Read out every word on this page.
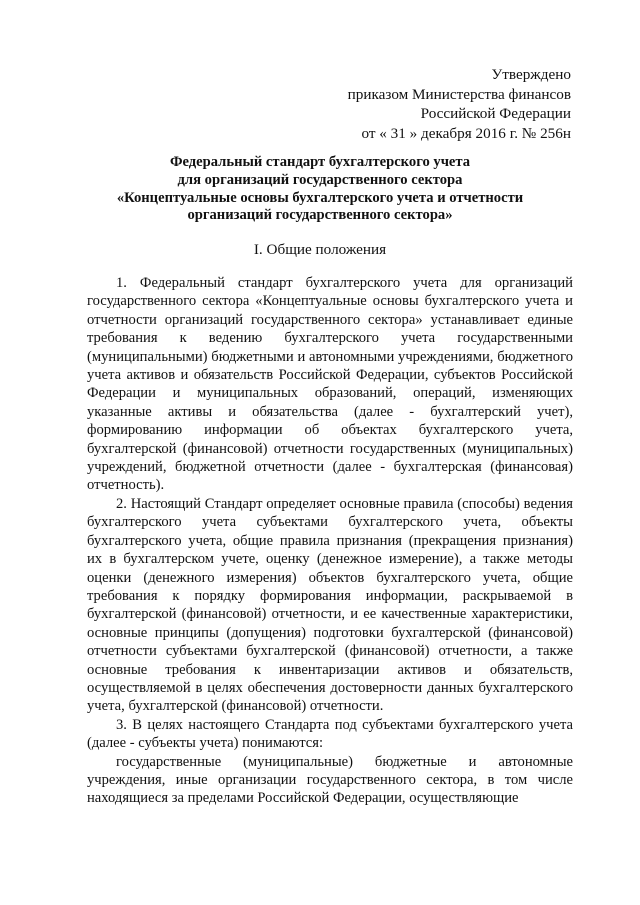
Утверждено
приказом Министерства финансов
Российской Федерации
от « 31 » декабря 2016 г. № 256н
Федеральный стандарт бухгалтерского учета
для организаций государственного сектора
«Концептуальные основы бухгалтерского учета и отчетности
организаций государственного сектора»
I. Общие положения

1. Федеральный стандарт бухгалтерского учета для организаций государственного сектора «Концептуальные основы бухгалтерского учета и отчетности организаций государственного сектора» устанавливает единые требования к ведению бухгалтерского учета государственными (муниципальными) бюджетными и автономными учреждениями, бюджетного учета активов и обязательств Российской Федерации, субъектов Российской Федерации и муниципальных образований, операций, изменяющих указанные активы и обязательства (далее - бухгалтерский учет), формированию информации об объектах бухгалтерского учета, бухгалтерской (финансовой) отчетности государственных (муниципальных) учреждений, бюджетной отчетности (далее - бухгалтерская (финансовая) отчетность).

2. Настоящий Стандарт определяет основные правила (способы) ведения бухгалтерского учета субъектами бухгалтерского учета, объекты бухгалтерского учета, общие правила признания (прекращения признания) их в бухгалтерском учете, оценку (денежное измерение), а также методы оценки (денежного измерения) объектов бухгалтерского учета, общие требования к порядку формирования информации, раскрываемой в бухгалтерской (финансовой) отчетности, и ее качественные характеристики, основные принципы (допущения) подготовки бухгалтерской (финансовой) отчетности субъектами бухгалтерской (финансовой) отчетности, а также основные требования к инвентаризации активов и обязательств, осуществляемой в целях обеспечения достоверности данных бухгалтерского учета, бухгалтерской (финансовой) отчетности.

3. В целях настоящего Стандарта под субъектами бухгалтерского учета (далее - субъекты учета) понимаются:

государственные (муниципальные) бюджетные и автономные учреждения, иные организации государственного сектора, в том числе находящиеся за пределами Российской Федерации, осуществляющие
